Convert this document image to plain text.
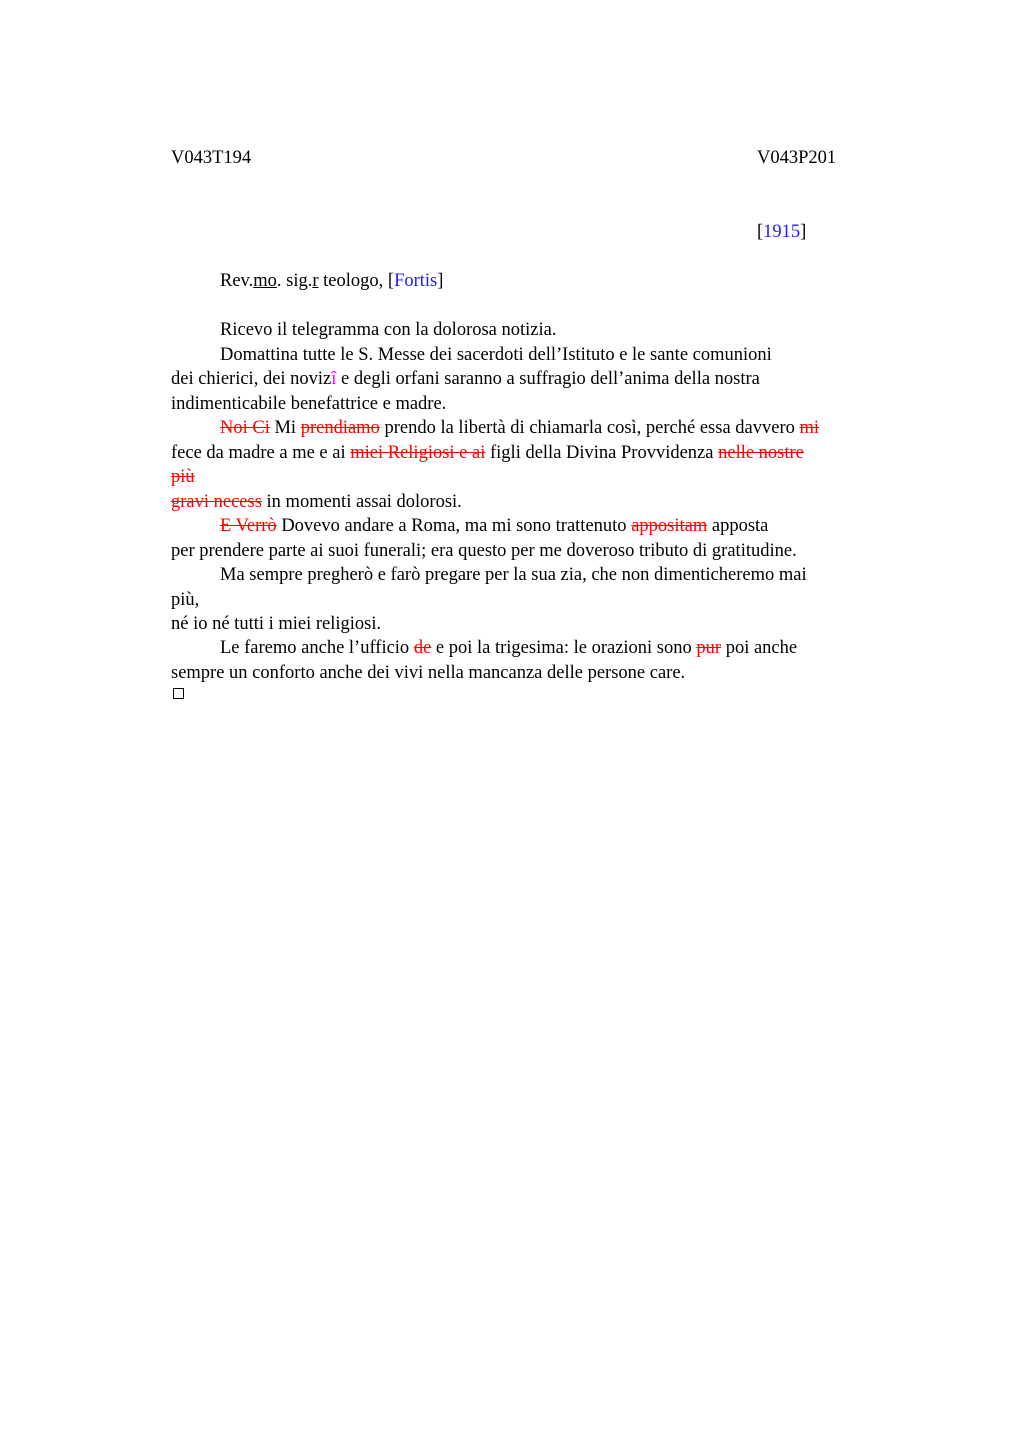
V043T194	V043P201
[1915]
Rev.mo. sig.r teologo, [Fortis]
Ricevo il telegramma con la dolorosa notizia.
Domattina tutte le S. Messe dei sacerdoti dell’Istituto e le sante comunioni
dei chierici, dei novizî e degli orfani saranno a suffragio dell’anima della nostra
indimenticabile benefattrice e madre.
Noi Ci Mi prendiamo prendo la libertà di chiamarla così, perché essa davvero mi
fece da madre a me e ai miei Religiosi e ai figli della Divina Provvidenza nelle nostre
più
gravi necess in momenti assai dolorosi.
E Verrò Dovevo andare a Roma, ma mi sono trattenuto appositam apposta
per prendere parte ai suoi funerali; era questo per me doveroso tributo di gratitudine.
Ma sempre pregherò e farò pregare per la sua zia, che non dimenticheremo mai
più,
né io né tutti i miei religiosi.
Le faremo anche l’ufficio de e poi la trigesima: le orazioni sono pur poi anche
sempre un conforto anche dei vivi nella mancanza delle persone care.
